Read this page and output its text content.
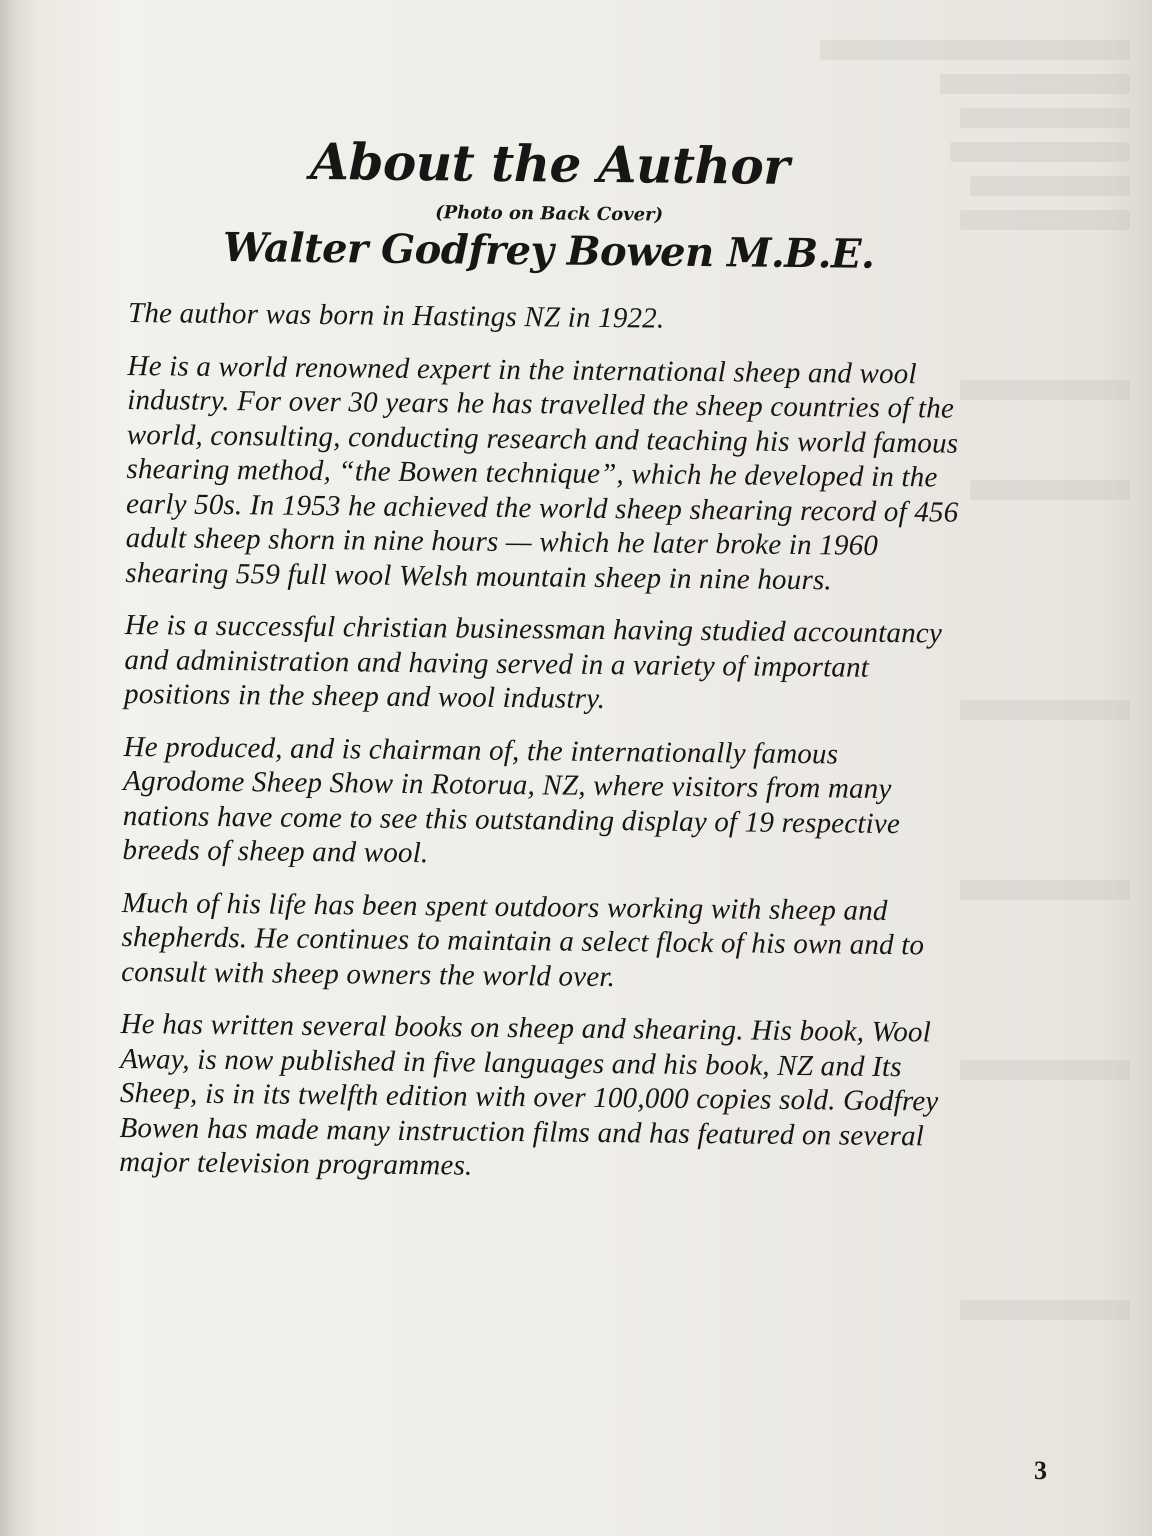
About the Author
(Photo on Back Cover)
Walter Godfrey Bowen M.B.E.

The author was born in Hastings NZ in 1922.

He is a world renowned expert in the international sheep and wool industry. For over 30 years he has travelled the sheep countries of the world, consulting, conducting research and teaching his world famous shearing method, “the Bowen technique”, which he developed in the early 50s. In 1953 he achieved the world sheep shearing record of 456 adult sheep shorn in nine hours — which he later broke in 1960 shearing 559 full wool Welsh mountain sheep in nine hours.

He is a successful christian businessman having studied accountancy and administration and having served in a variety of important positions in the sheep and wool industry.

He produced, and is chairman of, the internationally famous Agrodome Sheep Show in Rotorua, NZ, where visitors from many nations have come to see this outstanding display of 19 respective breeds of sheep and wool.

Much of his life has been spent outdoors working with sheep and shepherds. He continues to maintain a select flock of his own and to consult with sheep owners the world over.

He has written several books on sheep and shearing. His book, Wool Away, is now published in five languages and his book, NZ and Its Sheep, is in its twelfth edition with over 100,000 copies sold. Godfrey Bowen has made many instruction films and has featured on several major television programmes.

3
